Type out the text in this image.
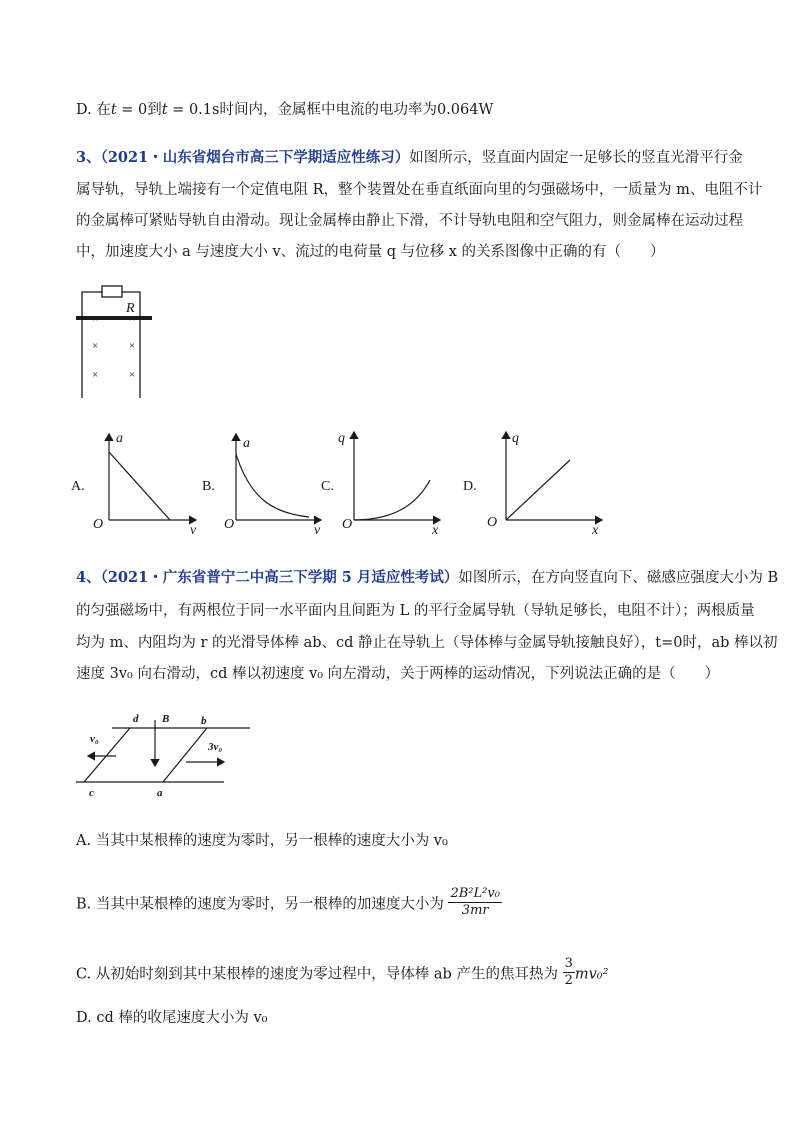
D. 在t = 0到t = 0.1s时间内，金属框中电流的电功率为0.064W
3、（2021・山东省烟台市高三下学期适应性练习）如图所示，竖直面内固定一足够长的竖直光滑平行金
属导轨，导轨上端接有一个定值电阻 R，整个装置处在垂直纸面向里的匀强磁场中，一质量为 m、电阻不计
的金属棒可紧贴导轨自由滑动。现让金属棒由静止下滑，不计导轨电阻和空气阻力，则金属棒在运动过程
中，加速度大小 a 与速度大小 v、流过的电荷量 q 与位移 x 的关系图像中正确的有（　　）
R
×	×
×	×
×	×
A.
a
v
O
B.
a
v
O
C.
q
x
O
D.
q
x
O
4、（2021・广东省普宁二中高三下学期 5 月适应性考试）如图所示，在方向竖直向下、磁感应强度大小为 B
的匀强磁场中，有两根位于同一水平面内且间距为 L 的平行金属导轨（导轨足够长，电阻不计）；两根质量
均为 m、内阻均为 r 的光滑导体棒 ab、cd 静止在导轨上（导体棒与金属导轨接触良好），t=0时，ab 棒以初
速度 3v₀ 向右滑动，cd 棒以初速度 v₀ 向左滑动，关于两棒的运动情况，下列说法正确的是（　　）
d	b
c	a
B
v₀
3v₀
A. 当其中某根棒的速度为零时，另一根棒的速度大小为 v₀
B. 当其中某根棒的速度为零时，另一根棒的加速度大小为 $\frac{\text{2B²L²v₀}}{3mr}$
C. 从初始时刻到其中某根棒的速度为零过程中，导体棒 ab 产生的焦耳热为 $\frac{3}{2} mv_0^2$
D. cd 棒的收尾速度大小为 v₀
